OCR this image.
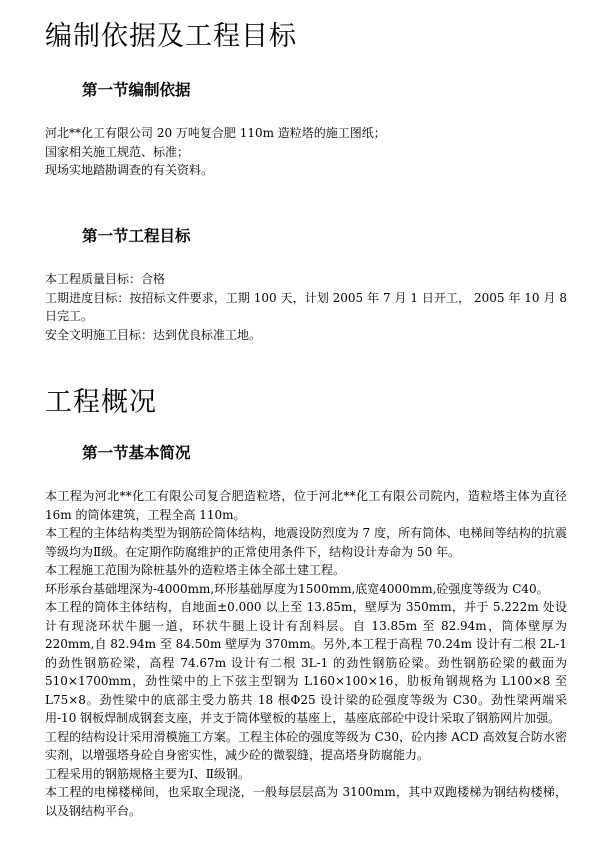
编制依据及工程目标
第一节编制依据

河北**化工有限公司 20 万吨复合肥 110m 造粒塔的施工图纸；

国家相关施工规范、标准；

现场实地踏勘调查的有关资料。

第一节工程目标

本工程质量目标：合格

工期进度目标：按招标文件要求，工期 100 天，计划 2005 年 7 月 1 日开工， 2005 年 10 月 8 日完工。

安全文明施工目标：达到优良标准工地。

工程概况
第一节基本简况

本工程为河北**化工有限公司复合肥造粒塔，位于河北**化工有限公司院内，造粒塔主体为直径 16m 的筒体建筑，工程全高 110m。

本工程的主体结构类型为钢筋砼筒体结构，地震设防烈度为 7 度，所有筒体、电梯间等结构的抗震等级均为Ⅱ级。在定期作防腐维护的正常使用条件下，结构设计寿命为 50 年。

本工程施工范围为除桩基外的造粒塔主体全部土建工程。

环形承台基础埋深为-4000mm,环形基础厚度为1500mm,底宽4000mm,砼强度等级为 C40。

本工程的筒体主体结构，自地面±0.000 以上至 13.85m，壁厚为 350mm，并于 5.222m 处设计有现浇环状牛腿一道，环状牛腿上设计有刮料层。自 13.85m 至 82.94m，筒体壁厚为 220mm,自 82.94m 至 84.50m 壁厚为 370mm。另外,本工程于高程 70.24m 设计有二根 2L-1 的劲性钢筋砼梁，高程 74.67m 设计有二根 3L-1 的劲性钢筋砼梁。劲性钢筋砼梁的截面为 510×1700mm，劲性梁中的上下弦主型钢为 L160×100×16，肋板角钢规格为 L100×8 至 L75×8。劲性梁中的底部主受力筋共 18 根Φ25 设计梁的砼强度等级为 C30。劲性梁两端采用-10 钢板焊制成钢套支座，并支于筒体壁板的基座上，基座底部砼中设计采取了钢筋网片加强。

工程的结构设计采用滑模施工方案。工程主体砼的强度等级为 C30，砼内掺 ACD 高效复合防水密实剂，以增强塔身砼自身密实性，减少砼的微裂缝，提高塔身防腐能力。

工程采用的钢筋规格主要为Ⅰ、Ⅱ级钢。

本工程的电梯楼梯间，也采取全现浇，一般每层层高为 3100mm，其中双跑楼梯为钢结构楼梯，以及钢结构平台。
